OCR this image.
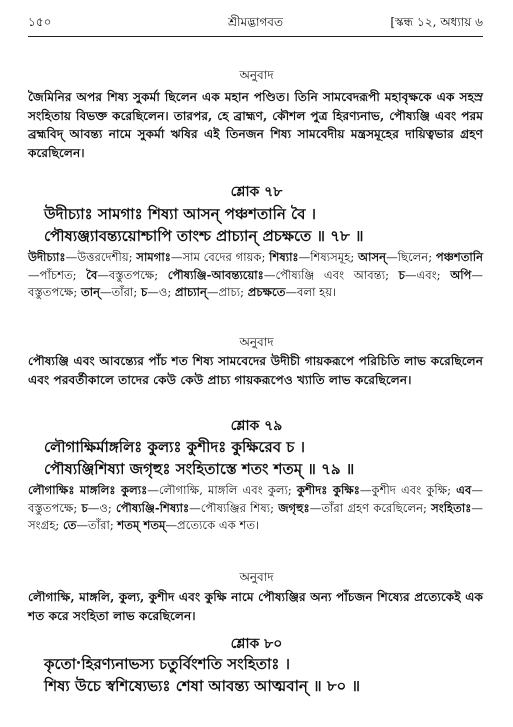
১৫০	শ্রীমদ্ভাগবত	[স্কন্ধ ১২, অধ্যায় ৬
অনুবাদ
জৈমিনির অপর শিষ্য সুকর্মা ছিলেন এক মহান পণ্ডিত। তিনি সামবেদরূপী মহাবৃক্ষকে এক সহস্র সংহিতায় বিভক্ত করেছিলেন। তারপর, হে ব্রাহ্মণ, কৌশল পুত্র হিরণ্যনাভ, পৌষ্যঞ্জি এবং পরম ব্রহ্মবিদ্ আবন্ত্য নামে সুকর্মা ঋষির এই তিনজন শিষ্য সামবেদীয় মন্ত্রসমূহের দায়িত্বভার গ্রহণ করেছিলেন।
শ্লোক ৭৮
উদীচ্যাঃ সামগাঃ শিষ্যা আসন্ পঞ্চশতানি বৈ ।
পৌষ্যঞ্জ্যাবন্ত্যয়োশ্চাপি তাংশ্চ প্রাচ্যান্ প্রচক্ষতে ॥ ৭৮ ॥
উদীচ্যাঃ—উত্তরদেশীয়; সামগাঃ—সাম বেদের গায়ক; শিষ্যাঃ—শিষ্যসমূহ; আসন্—ছিলেন; পঞ্চশতানি—পাঁচশত; বৈ—বস্তুতপক্ষে; পৌষ্যঞ্জি-আবন্ত্যয়োঃ—পৌষ্যঞ্জি এবং আবন্ত্য; চ—এবং; অপি—বস্তুতপক্ষে; তান্—তাঁরা; চ—ও; প্রাচ্যান্—প্রাচ্য; প্রচক্ষতে—বলা হয়।
অনুবাদ
পৌষ্যঞ্জি এবং আবন্ত্যের পাঁচ শত শিষ্য সামবেদের উদীচী গায়করূপে পরিচিতি লাভ করেছিলেন এবং পরবর্তীকালে তাদের কেউ কেউ প্রাচ্য গায়করূপেও খ্যাতি লাভ করেছিলেন।
শ্লোক ৭৯
লৌগাক্ষির্মাঙ্গলিঃ কুল্যঃ কুশীদঃ কুক্ষিরেব চ ।
পৌষ্যঞ্জিশিষ্যা জগৃহুঃ সংহিতাস্তে শতং শতম্ ॥ ৭৯ ॥
লৌগাক্ষিঃ মাঙ্গলিঃ কুল্যঃ—লৌগাক্ষি, মাঙ্গলি এবং কুল্য; কুশীদঃ কুক্ষিঃ—কুশীদ এবং কুক্ষি; এব—বস্তুতপক্ষে; চ—ও; পৌষ্যঞ্জি-শিষ্যাঃ—পৌষ্যঞ্জির শিষ্য; জগৃহুঃ—তাঁরা গ্রহণ করেছিলেন; সংহিতাঃ—সংগ্রহ; তে—তাঁরা; শতম্ শতম্—প্রত্যেকে এক শত।
অনুবাদ
লৌগাক্ষি, মাঙ্গলি, কুল্য, কুশীদ এবং কুক্ষি নামে পৌষ্যঞ্জির অন্য পাঁচজন শিষ্যের প্রত্যেকেই এক শত করে সংহিতা লাভ করেছিলেন।
শ্লোক ৮০
কৃতো হিরণ্যনাভস্য চতুর্বিংশতি সংহিতাঃ ।
শিষ্য উচে স্বশিষ্যেভ্যঃ শেষা আবন্ত্য আত্মবান্ ॥ ৮০ ॥
